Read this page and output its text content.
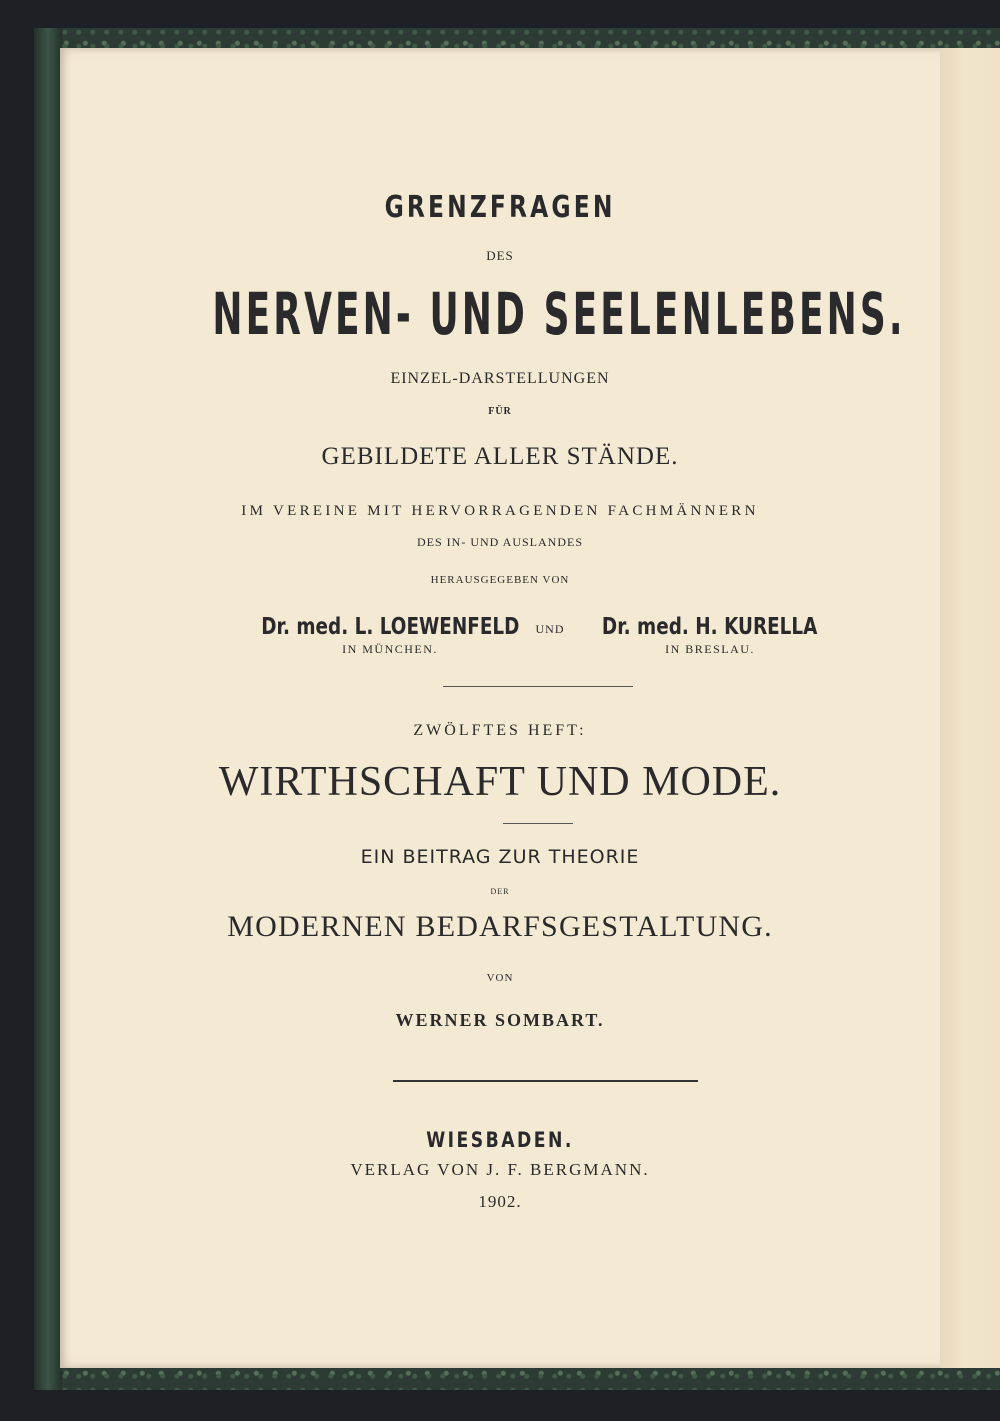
GRENZFRAGEN
DES
NERVEN- UND SEELENLEBENS.
EINZEL-DARSTELLUNGEN
FÜR
GEBILDETE ALLER STÄNDE.
IM VEREINE MIT HERVORRAGENDEN FACHMÄNNERN
DES IN- UND AUSLANDES
HERAUSGEGEBEN VON
Dr. med. L. LOEWENFELD
IN MÜNCHEN.
UND	Dr. med. H. KURELLA
IN BRESLAU.
ZWÖLFTES HEFT:
WIRTHSCHAFT UND MODE.
EIN BEITRAG ZUR THEORIE
DER
MODERNEN BEDARFSGESTALTUNG.
VON
WERNER SOMBART.
WIESBADEN.
VERLAG VON J. F. BERGMANN.
1902.
